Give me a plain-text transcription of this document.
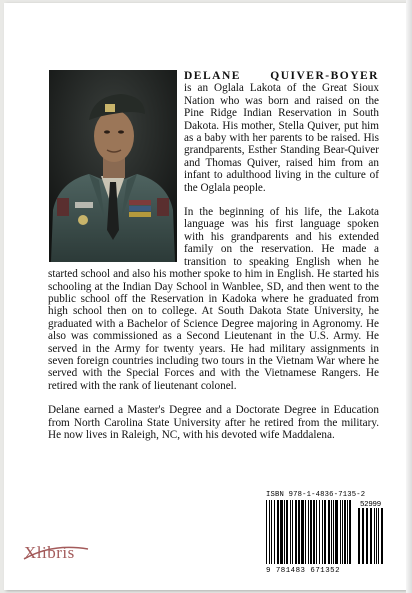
DELANE QUIVER-BOYER
is an Oglala Lakota of the Great Sioux Nation who was born and raised on the Pine Ridge Indian Reservation in South Dakota. His mother, Stella Quiver, put him as a baby with her parents to be raised. His grandparents, Esther Standing Bear-Quiver and Thomas Quiver, raised him from an infant to adulthood living in the culture of the Oglala people.

In the beginning of his life, the Lakota language was his first language spoken with his grandparents and his extended family on the reservation. He made a transition to speaking English when he started school and also his mother spoke to him in English. He started his schooling at the Indian Day School in Wanblee, SD, and then went to the public school off the Reservation in Kadoka where he graduated from high school then on to college. At South Dakota State University, he graduated with a Bachelor of Science Degree majoring in Agronomy. He also was commissioned as a Second Lieutenant in the U.S. Army. He served in the Army for twenty years. He had military assignments in seven foreign countries including two tours in the Vietnam War where he served with the Special Forces and with the Vietnamese Rangers. He retired with the rank of lieutenant colonel.

Delane earned a Master's Degree and a Doctorate Degree in Education from North Carolina State University after he retired from the military. He now lives in Raleigh, NC, with his devoted wife Maddalena.

ISBN 978-1-4836-7135-2
52999
9 781483 671352
Xlibris
